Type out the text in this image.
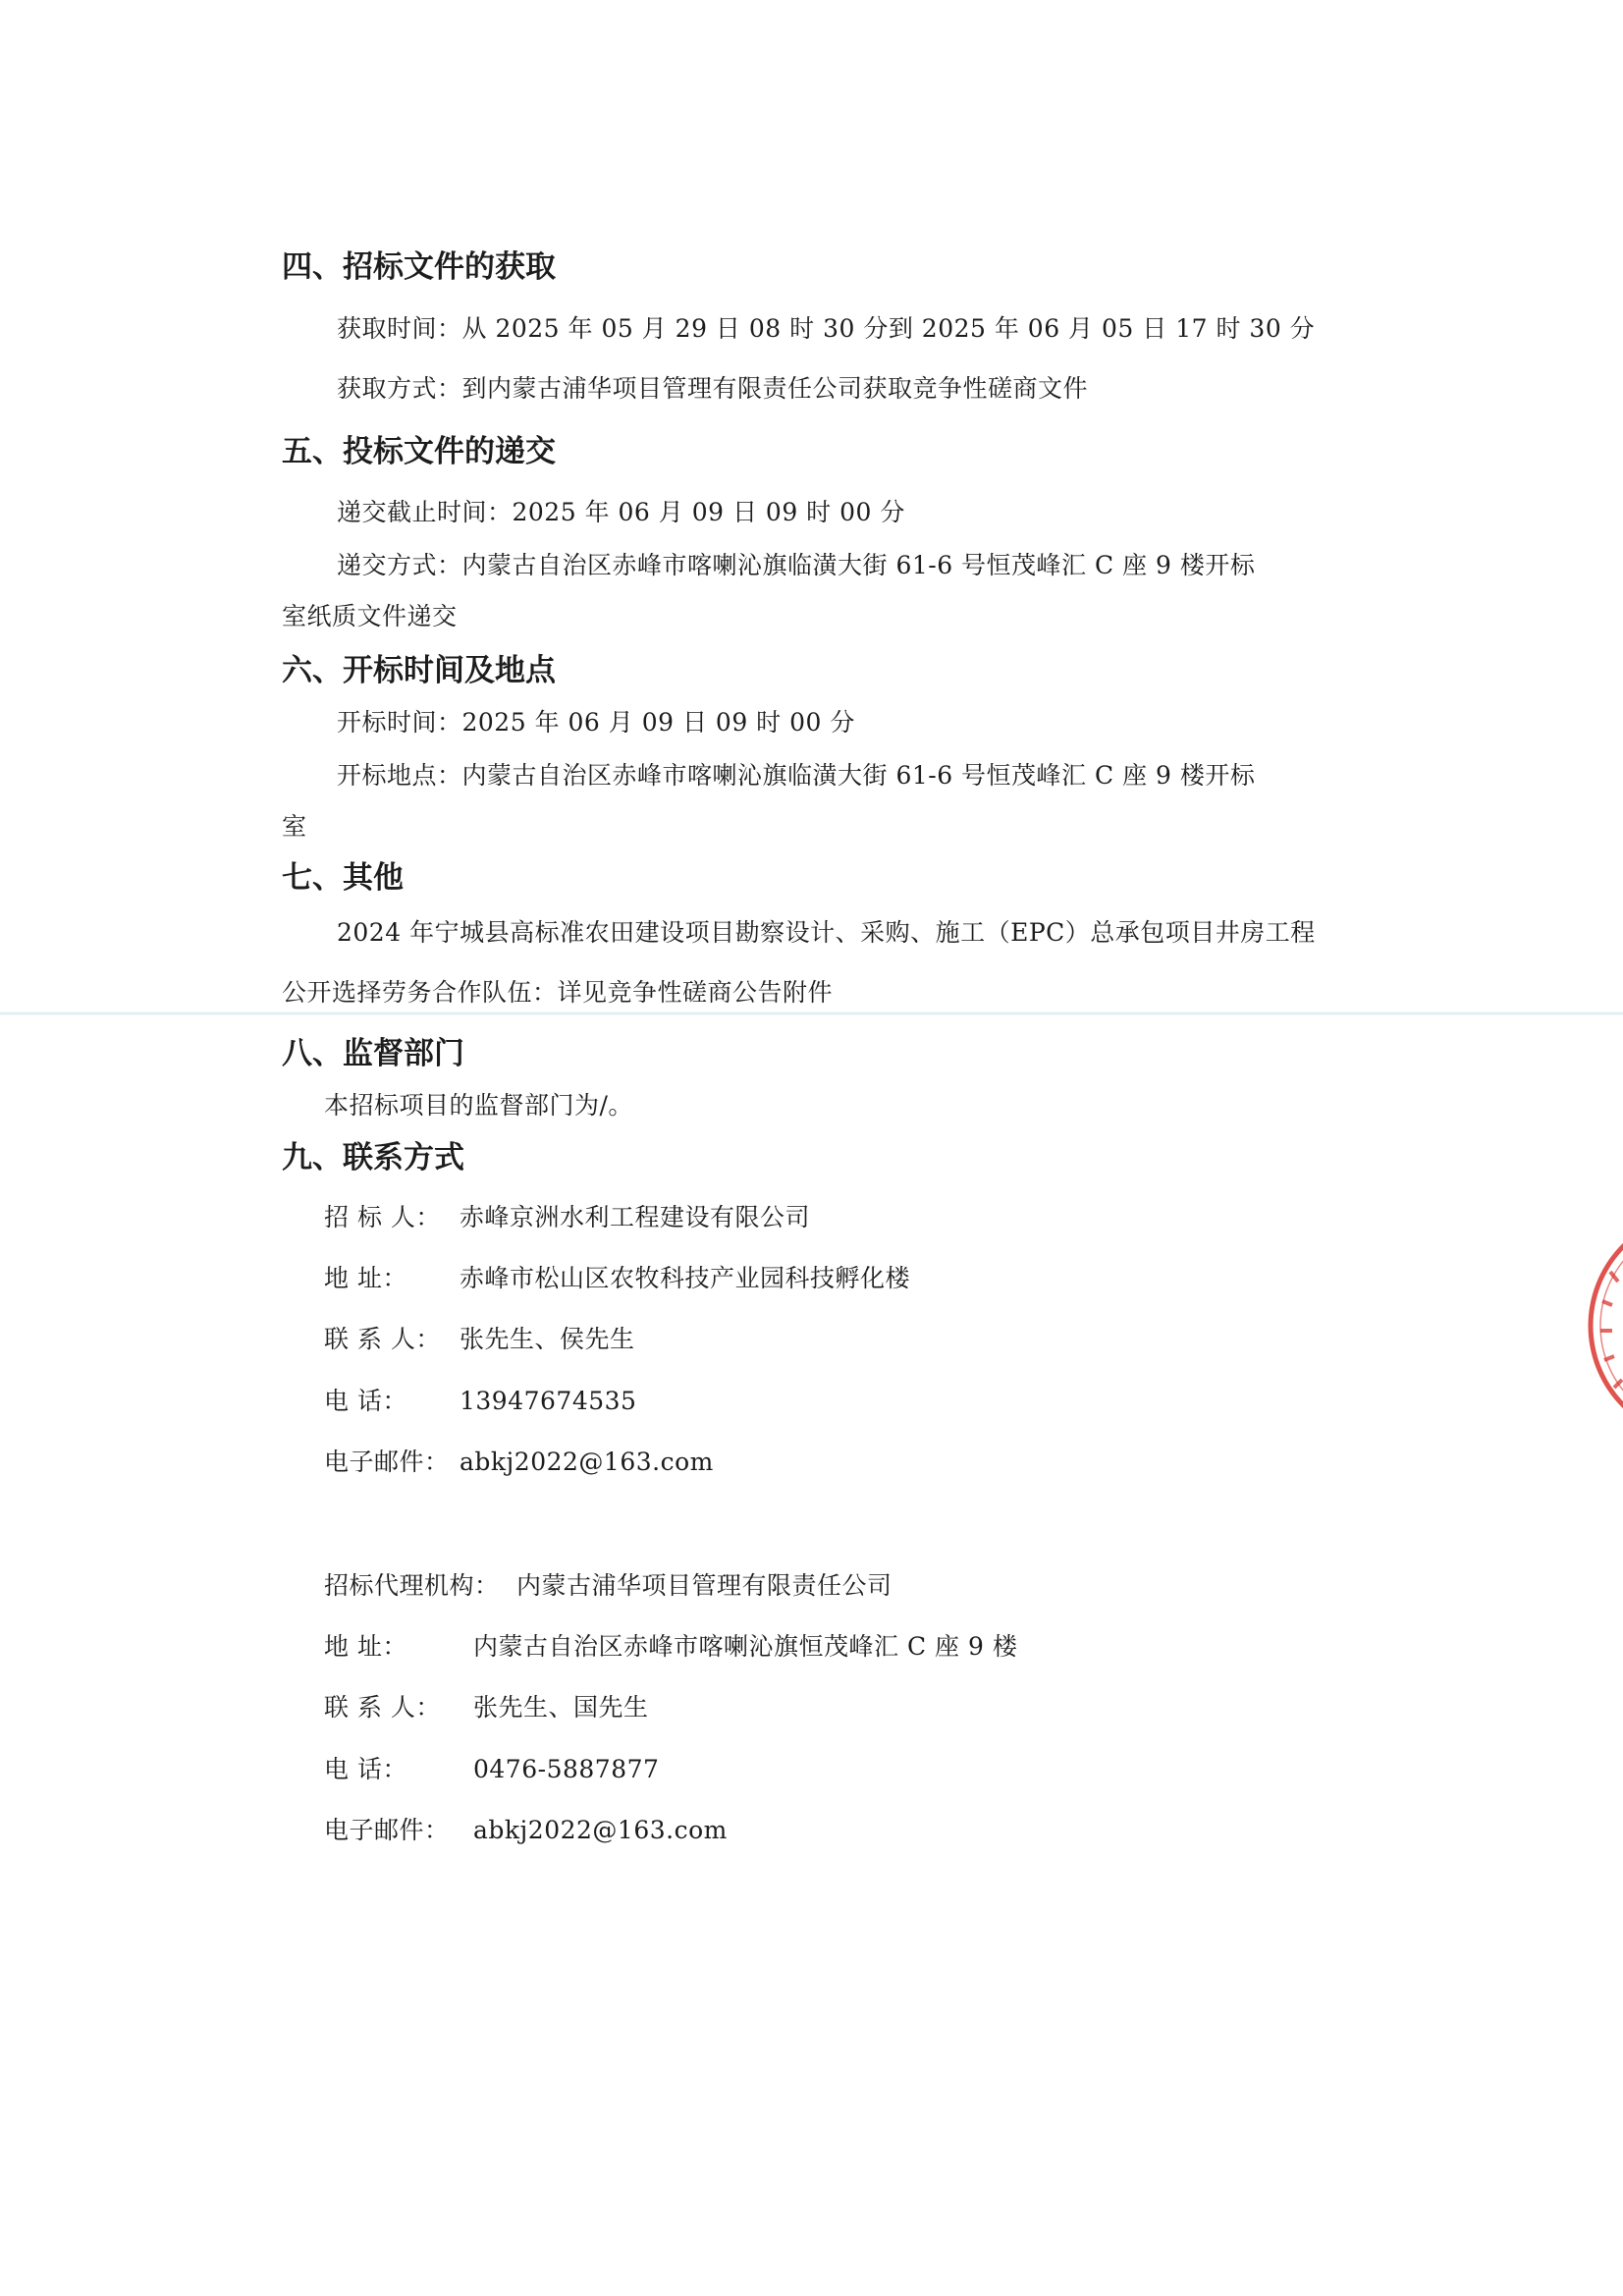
四、招标文件的获取

获取时间：从 2025 年 05 月 29 日 08 时 30 分到 2025 年 06 月 05 日 17 时 30 分

获取方式：到内蒙古浦华项目管理有限责任公司获取竞争性磋商文件

五、投标文件的递交

递交截止时间：2025 年 06 月 09 日 09 时 00 分

递交方式：内蒙古自治区赤峰市喀喇沁旗临潢大街 61-6 号恒茂峰汇 C 座 9 楼开标

室纸质文件递交

六、开标时间及地点

开标时间：2025 年 06 月 09 日 09 时 00 分

开标地点：内蒙古自治区赤峰市喀喇沁旗临潢大街 61-6 号恒茂峰汇 C 座 9 楼开标

室

七、其他

2024 年宁城县高标准农田建设项目勘察设计、采购、施工（EPC）总承包项目井房工程

公开选择劳务合作队伍：详见竞争性磋商公告附件

八、监督部门

本招标项目的监督部门为/。

九、联系方式
招 标 人： 赤峰京洲水利工程建设有限公司
地 址： 赤峰市松山区农牧科技产业园科技孵化楼
联 系 人： 张先生、侯先生
电 话： 13947674535
电子邮件： abkj2022@163.com
招标代理机构： 内蒙古浦华项目管理有限责任公司
地 址：	内蒙古自治区赤峰市喀喇沁旗恒茂峰汇 C 座 9 楼
联 系 人： 张先生、国先生
电 话：	0476-5887877
电子邮件： abkj2022@163.com
